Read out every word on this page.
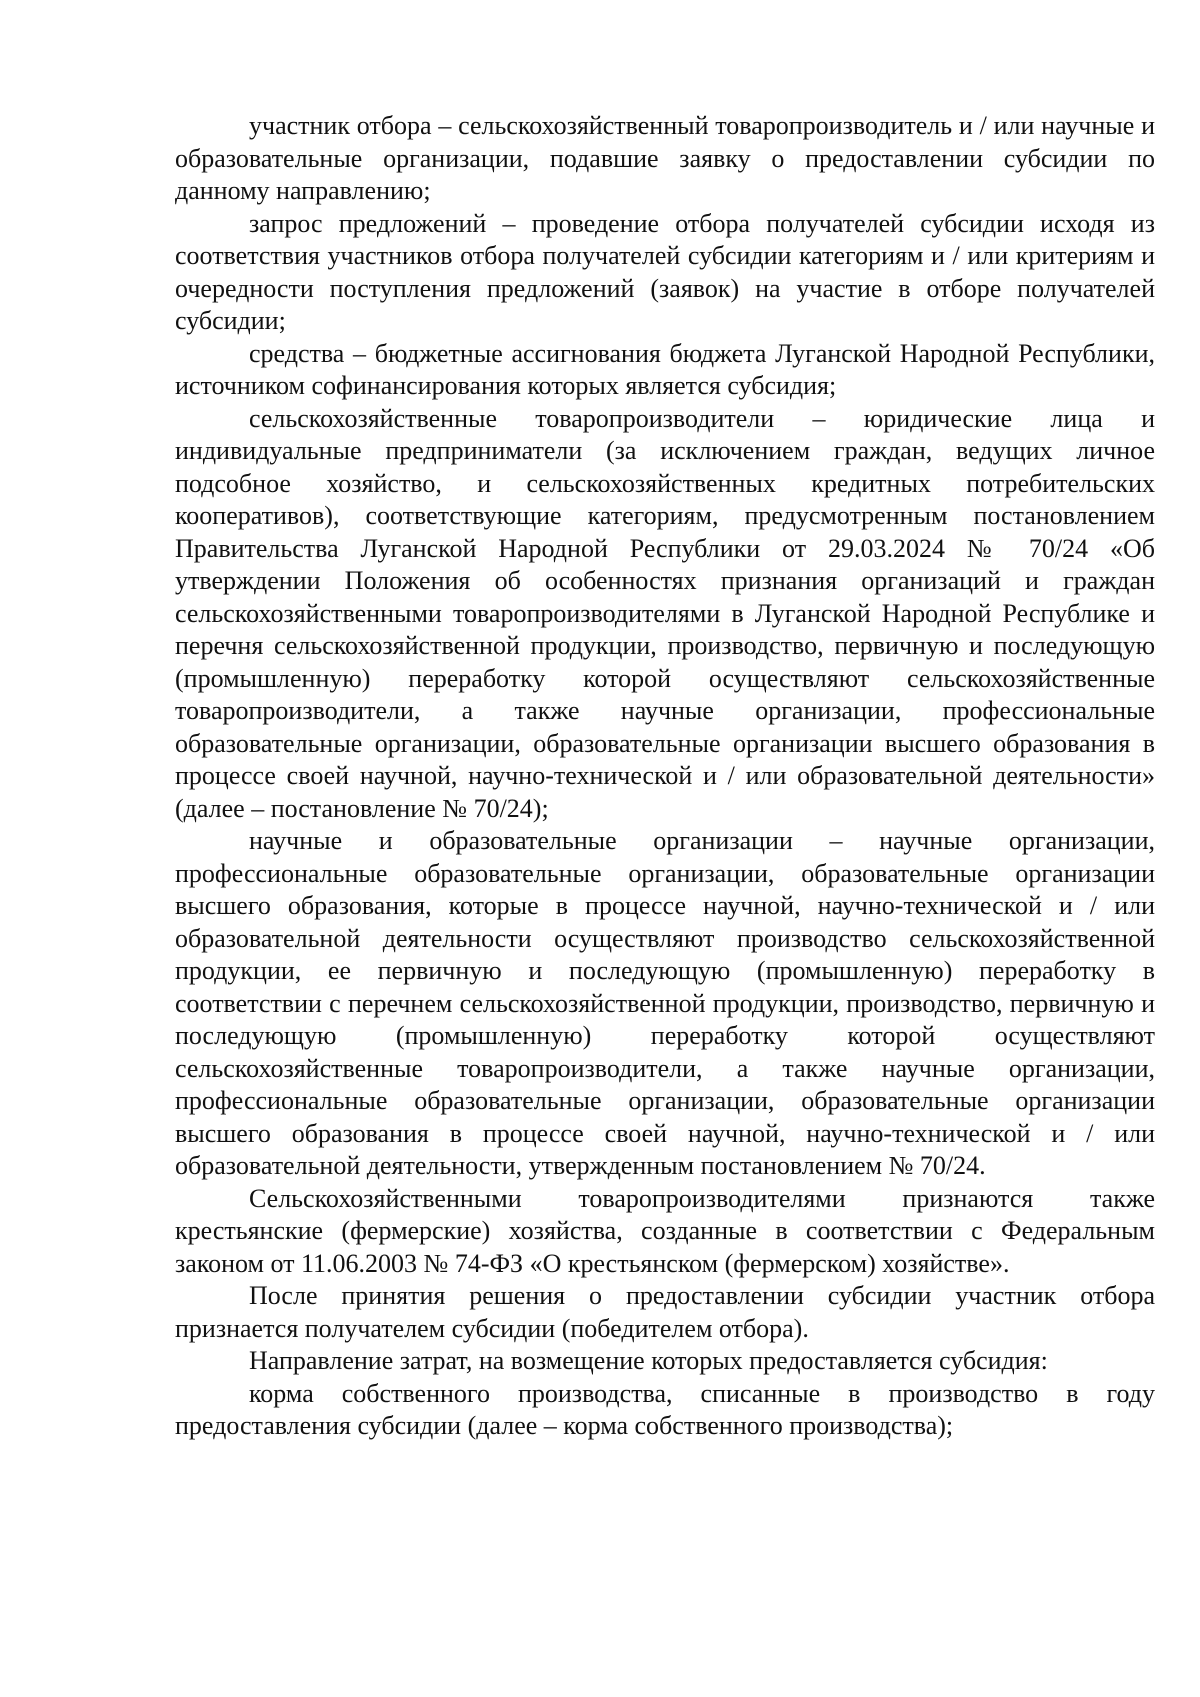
участник отбора – сельскохозяйственный товаропроизводитель и / или научные и образовательные организации, подавшие заявку о предоставлении субсидии по данному направлению;

запрос предложений – проведение отбора получателей субсидии исходя из соответствия участников отбора получателей субсидии категориям и / или критериям и очередности поступления предложений (заявок) на участие в отборе получателей субсидии;

средства – бюджетные ассигнования бюджета Луганской Народной Республики, источником софинансирования которых является субсидия;

сельскохозяйственные товаропроизводители – юридические лица и индивидуальные предприниматели (за исключением граждан, ведущих личное подсобное хозяйство, и сельскохозяйственных кредитных потребительских кооперативов), соответствующие категориям, предусмотренным постановлением Правительства Луганской Народной Республики от 29.03.2024 № 70/24 «Об утверждении Положения об особенностях признания организаций и граждан сельскохозяйственными товаропроизводителями в Луганской Народной Республике и перечня сельскохозяйственной продукции, производство, первичную и последующую (промышленную) переработку которой осуществляют сельскохозяйственные товаропроизводители, а также научные организации, профессиональные образовательные организации, образовательные организации высшего образования в процессе своей научной, научно-технической и / или образовательной деятельности» (далее – постановление № 70/24);

научные и образовательные организации – научные организации, профессиональные образовательные организации, образовательные организации высшего образования, которые в процессе научной, научно-технической и / или образовательной деятельности осуществляют производство сельскохозяйственной продукции, ее первичную и последующую (промышленную) переработку в соответствии с перечнем сельскохозяйственной продукции, производство, первичную и последующую (промышленную) переработку которой осуществляют сельскохозяйственные товаропроизводители, а также научные организации, профессиональные образовательные организации, образовательные организации высшего образования в процессе своей научной, научно-технической и / или образовательной деятельности, утвержденным постановлением № 70/24.

Сельскохозяйственными товаропроизводителями признаются также крестьянские (фермерские) хозяйства, созданные в соответствии с Федеральным законом от 11.06.2003 № 74-ФЗ «О крестьянском (фермерском) хозяйстве».

После принятия решения о предоставлении субсидии участник отбора признается получателем субсидии (победителем отбора).

Направление затрат, на возмещение которых предоставляется субсидия:

корма собственного производства, списанные в производство в году предоставления субсидии (далее – корма собственного производства);
